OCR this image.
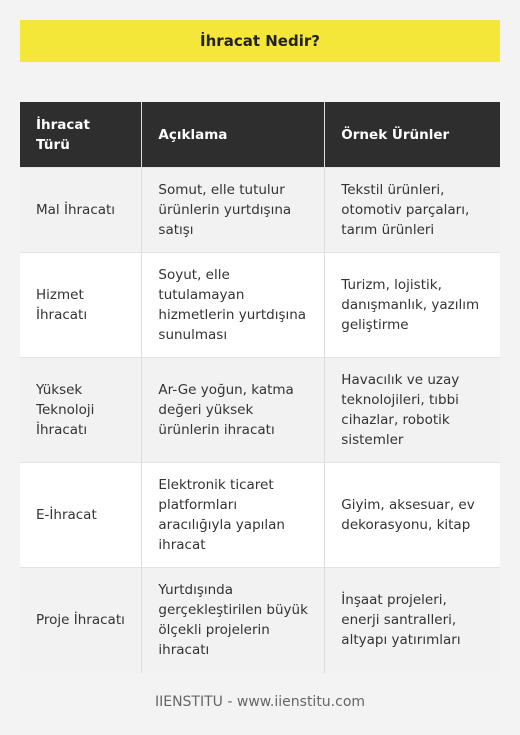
İhracat Nedir?
İhracat Türü	Açıklama	Örnek Ürünler
Mal İhracatı	Somut, elle tutulur ürünlerin yurtdışına satışı	Tekstil ürünleri, otomotiv parçaları, tarım ürünleri
Hizmet İhracatı	Soyut, elle tutulamayan hizmetlerin yurtdışına sunulması	Turizm, lojistik, danışmanlık, yazılım geliştirme
Yüksek Teknoloji İhracatı	Ar-Ge yoğun, katma değeri yüksek ürünlerin ihracatı	Havacılık ve uzay teknolojileri, tıbbi cihazlar, robotik sistemler
E-İhracat	Elektronik ticaret platformları aracılığıyla yapılan ihracat	Giyim, aksesuar, ev dekorasyonu, kitap
Proje İhracatı	Yurtdışında gerçekleştirilen büyük ölçekli projelerin ihracatı	İnşaat projeleri, enerji santralleri, altyapı yatırımları
IIENSTITU - www.iienstitu.com
